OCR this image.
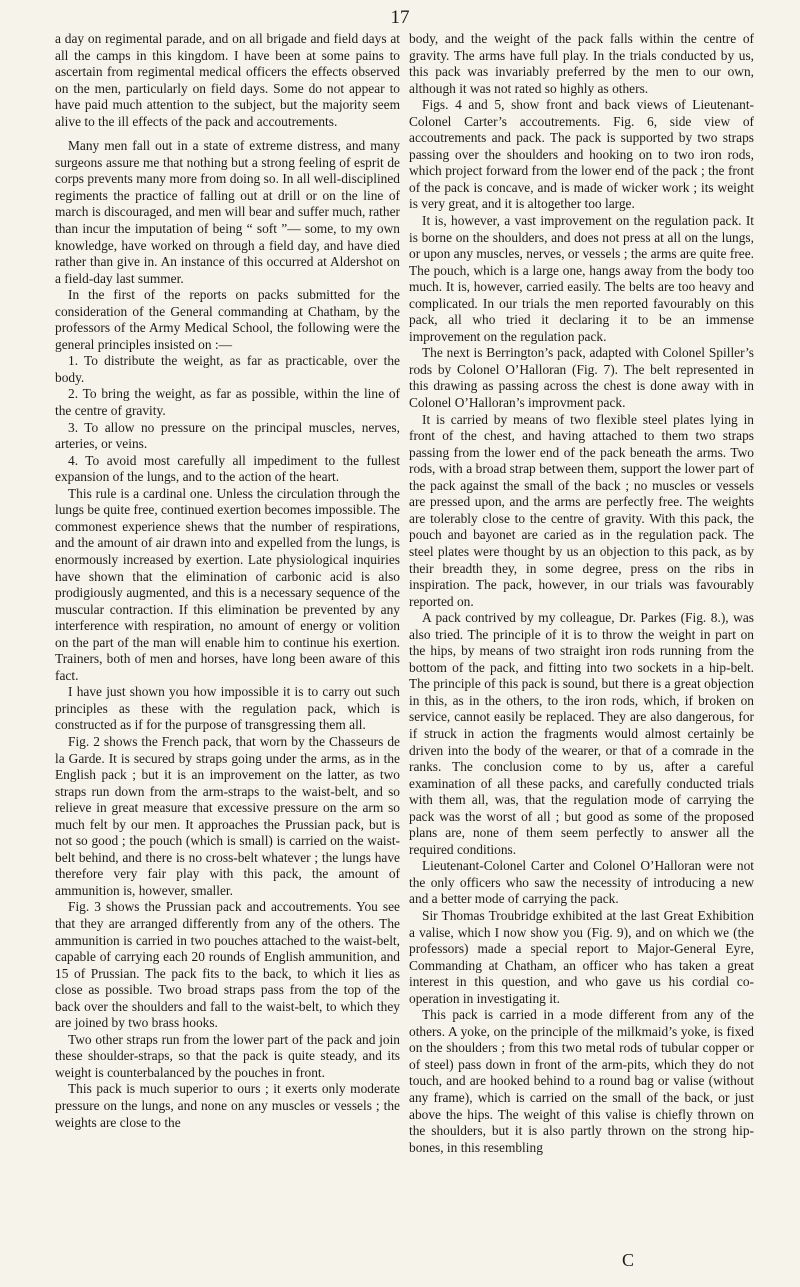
17

a day on regimental parade, and on all brigade and field days at all the camps in this kingdom. I have been at some pains to ascertain from regimental medical officers the effects observed on the men, particularly on field days. Some do not appear to have paid much attention to the subject, but the majority seem alive to the ill effects of the pack and accoutrements.

Many men fall out in a state of extreme distress, and many surgeons assure me that nothing but a strong feeling of esprit de corps prevents many more from doing so. In all well-disciplined regiments the practice of falling out at drill or on the line of march is discouraged, and men will bear and suffer much, rather than incur the imputation of being “ soft ”— some, to my own knowledge, have worked on through a field day, and have died rather than give in. An instance of this occurred at Aldershot on a field-day last summer.

In the first of the reports on packs submitted for the consideration of the General commanding at Chatham, by the professors of the Army Medical School, the following were the general principles insisted on :—

1. To distribute the weight, as far as practicable, over the body.

2. To bring the weight, as far as possible, within the line of the centre of gravity.

3. To allow no pressure on the principal muscles, nerves, arteries, or veins.

4. To avoid most carefully all impediment to the fullest expansion of the lungs, and to the action of the heart.

This rule is a cardinal one. Unless the circulation through the lungs be quite free, continued exertion becomes impossible. The commonest experience shews that the number of respirations, and the amount of air drawn into and expelled from the lungs, is enormously increased by exertion. Late physiological inquiries have shown that the elimination of carbonic acid is also prodigiously augmented, and this is a necessary sequence of the muscular contraction. If this elimination be prevented by any interference with respiration, no amount of energy or volition on the part of the man will enable him to continue his exertion. Trainers, both of men and horses, have long been aware of this fact.

I have just shown you how impossible it is to carry out such principles as these with the regulation pack, which is constructed as if for the purpose of transgressing them all.

Fig. 2 shows the French pack, that worn by the Chasseurs de la Garde. It is secured by straps going under the arms, as in the English pack ; but it is an improvement on the latter, as two straps run down from the arm-straps to the waist-belt, and so relieve in great measure that excessive pressure on the arm so much felt by our men. It approaches the Prussian pack, but is not so good ; the pouch (which is small) is carried on the waist-belt behind, and there is no cross-belt whatever ; the lungs have therefore very fair play with this pack, the amount of ammunition is, however, smaller.

Fig. 3 shows the Prussian pack and accoutrements. You see that they are arranged differently from any of the others. The ammunition is carried in two pouches attached to the waist-belt, capable of carrying each 20 rounds of English ammunition, and 15 of Prussian. The pack fits to the back, to which it lies as close as possible. Two broad straps pass from the top of the back over the shoulders and fall to the waist-belt, to which they are joined by two brass hooks.

Two other straps run from the lower part of the pack and join these shoulder-straps, so that the pack is quite steady, and its weight is counterbalanced by the pouches in front.

This pack is much superior to ours ; it exerts only moderate pressure on the lungs, and none on any muscles or vessels ; the weights are close to the

body, and the weight of the pack falls within the centre of gravity. The arms have full play. In the trials conducted by us, this pack was invariably preferred by the men to our own, although it was not rated so highly as others.

Figs. 4 and 5, show front and back views of Lieutenant-Colonel Carter’s accoutrements. Fig. 6, side view of accoutrements and pack. The pack is supported by two straps passing over the shoulders and hooking on to two iron rods, which project forward from the lower end of the pack ; the front of the pack is concave, and is made of wicker work ; its weight is very great, and it is altogether too large.

It is, however, a vast improvement on the regulation pack. It is borne on the shoulders, and does not press at all on the lungs, or upon any muscles, nerves, or vessels ; the arms are quite free. The pouch, which is a large one, hangs away from the body too much. It is, however, carried easily. The belts are too heavy and complicated. In our trials the men reported favourably on this pack, all who tried it declaring it to be an immense improvement on the regulation pack.

The next is Berrington’s pack, adapted with Colonel Spiller’s rods by Colonel O’Halloran (Fig. 7). The belt represented in this drawing as passing across the chest is done away with in Colonel O’Halloran’s improvment pack.

It is carried by means of two flexible steel plates lying in front of the chest, and having attached to them two straps passing from the lower end of the pack beneath the arms. Two rods, with a broad strap between them, support the lower part of the pack against the small of the back ; no muscles or vessels are pressed upon, and the arms are perfectly free. The weights are tolerably close to the centre of gravity. With this pack, the pouch and bayonet are caried as in the regulation pack. The steel plates were thought by us an objection to this pack, as by their breadth they, in some degree, press on the ribs in inspiration. The pack, however, in our trials was favourably reported on.

A pack contrived by my colleague, Dr. Parkes (Fig. 8.), was also tried. The principle of it is to throw the weight in part on the hips, by means of two straight iron rods running from the bottom of the pack, and fitting into two sockets in a hip-belt. The principle of this pack is sound, but there is a great objection in this, as in the others, to the iron rods, which, if broken on service, cannot easily be replaced. They are also dangerous, for if struck in action the fragments would almost certainly be driven into the body of the wearer, or that of a comrade in the ranks. The conclusion come to by us, after a careful examination of all these packs, and carefully conducted trials with them all, was, that the regulation mode of carrying the pack was the worst of all ; but good as some of the proposed plans are, none of them seem perfectly to answer all the required conditions.

Lieutenant-Colonel Carter and Colonel O’Halloran were not the only officers who saw the necessity of introducing a new and a better mode of carrying the pack.

Sir Thomas Troubridge exhibited at the last Great Exhibition a valise, which I now show you (Fig. 9), and on which we (the professors) made a special report to Major-General Eyre, Commanding at Chatham, an officer who has taken a great interest in this question, and who gave us his cordial co-operation in investigating it.

This pack is carried in a mode different from any of the others. A yoke, on the principle of the milkmaid’s yoke, is fixed on the shoulders ; from this two metal rods of tubular copper or of steel) pass down in front of the arm-pits, which they do not touch, and are hooked behind to a round bag or valise (without any frame), which is carried on the small of the back, or just above the hips. The weight of this valise is chiefly thrown on the shoulders, but it is also partly thrown on the strong hip-bones, in this resembling

C
